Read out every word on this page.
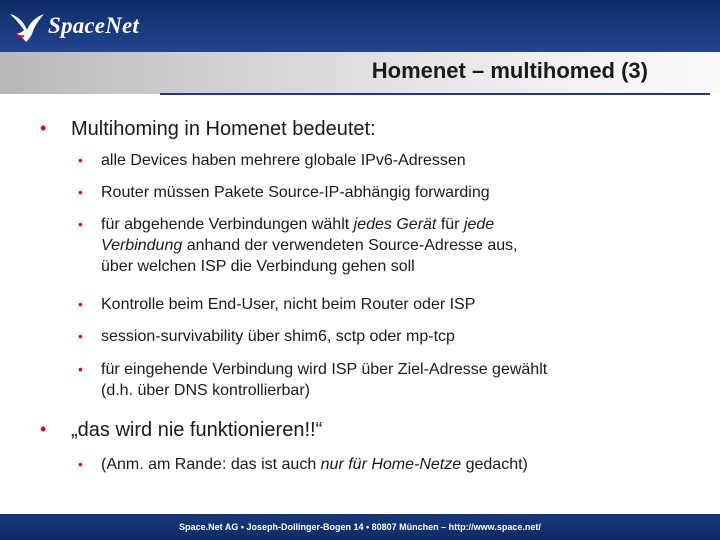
SpaceNet
Homenet – multihomed (3)
• Multihoming in Homenet bedeutet:
• alle Devices haben mehrere globale IPv6-Adressen
• Router müssen Pakete Source-IP-abhängig forwarding
• für abgehende Verbindungen wählt jedes Gerät für jede
Verbindung anhand der verwendeten Source-Adresse aus,
über welchen ISP die Verbindung gehen soll
• Kontrolle beim End-User, nicht beim Router oder ISP
• session-survivability über shim6, sctp oder mp-tcp
• für eingehende Verbindung wird ISP über Ziel-Adresse gewählt
(d.h. über DNS kontrollierbar)
• „das wird nie funktionieren!!“
• (Anm. am Rande: das ist auch nur für Home-Netze gedacht)
Space.Net AG • Joseph-Dollinger-Bogen 14 • 80807 München – http://www.space.net/
